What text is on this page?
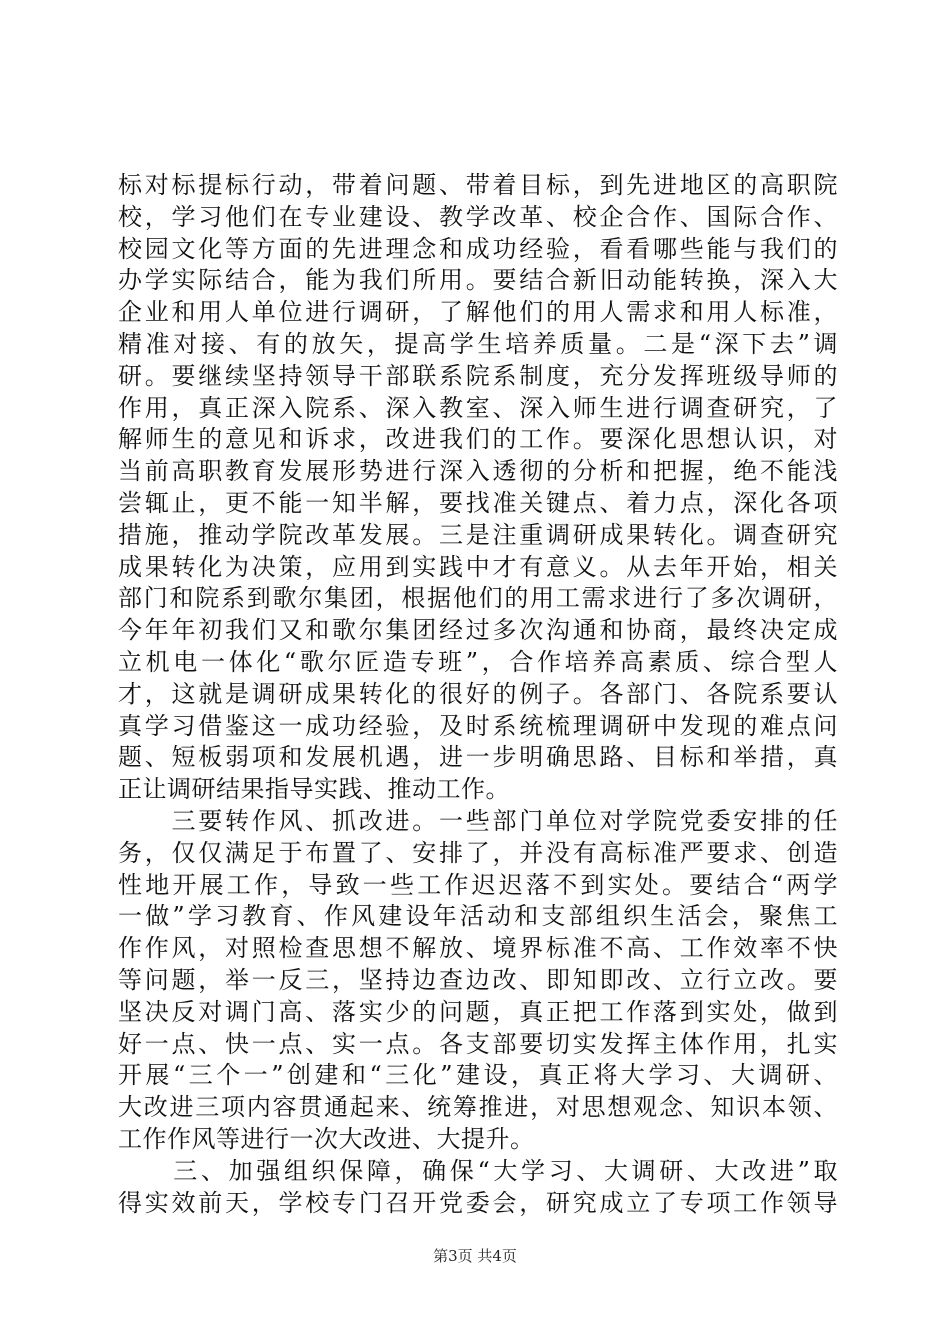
标对标提标行动，带着问题、带着目标，到先进地区的高职院
校，学习他们在专业建设、教学改革、校企合作、国际合作、
校园文化等方面的先进理念和成功经验，看看哪些能与我们的
办学实际结合，能为我们所用。要结合新旧动能转换，深入大
企业和用人单位进行调研，了解他们的用人需求和用人标准，
精准对接、有的放矢，提高学生培养质量。二是“深下去”调
研。要继续坚持领导干部联系院系制度，充分发挥班级导师的
作用，真正深入院系、深入教室、深入师生进行调查研究，了
解师生的意见和诉求，改进我们的工作。要深化思想认识，对
当前高职教育发展形势进行深入透彻的分析和把握，绝不能浅
尝辄止，更不能一知半解，要找准关键点、着力点，深化各项
措施，推动学院改革发展。三是注重调研成果转化。调查研究
成果转化为决策，应用到实践中才有意义。从去年开始，相关
部门和院系到歌尔集团，根据他们的用工需求进行了多次调研，
今年年初我们又和歌尔集团经过多次沟通和协商，最终决定成
立机电一体化“歌尔匠造专班”，合作培养高素质、综合型人
才，这就是调研成果转化的很好的例子。各部门、各院系要认
真学习借鉴这一成功经验，及时系统梳理调研中发现的难点问
题、短板弱项和发展机遇，进一步明确思路、目标和举措，真
正让调研结果指导实践、推动工作。
　　三要转作风、抓改进。一些部门单位对学院党委安排的任
务，仅仅满足于布置了、安排了，并没有高标准严要求、创造
性地开展工作，导致一些工作迟迟落不到实处。要结合“两学
一做”学习教育、作风建设年活动和支部组织生活会，聚焦工
作作风，对照检查思想不解放、境界标准不高、工作效率不快
等问题，举一反三，坚持边查边改、即知即改、立行立改。要
坚决反对调门高、落实少的问题，真正把工作落到实处，做到
好一点、快一点、实一点。各支部要切实发挥主体作用，扎实
开展“三个一”创建和“三化”建设，真正将大学习、大调研、
大改进三项内容贯通起来、统筹推进，对思想观念、知识本领、
工作作风等进行一次大改进、大提升。
　　三、加强组织保障，确保“大学习、大调研、大改进”取
得实效前天，学校专门召开党委会，研究成立了专项工作领导
第3页 共4页
